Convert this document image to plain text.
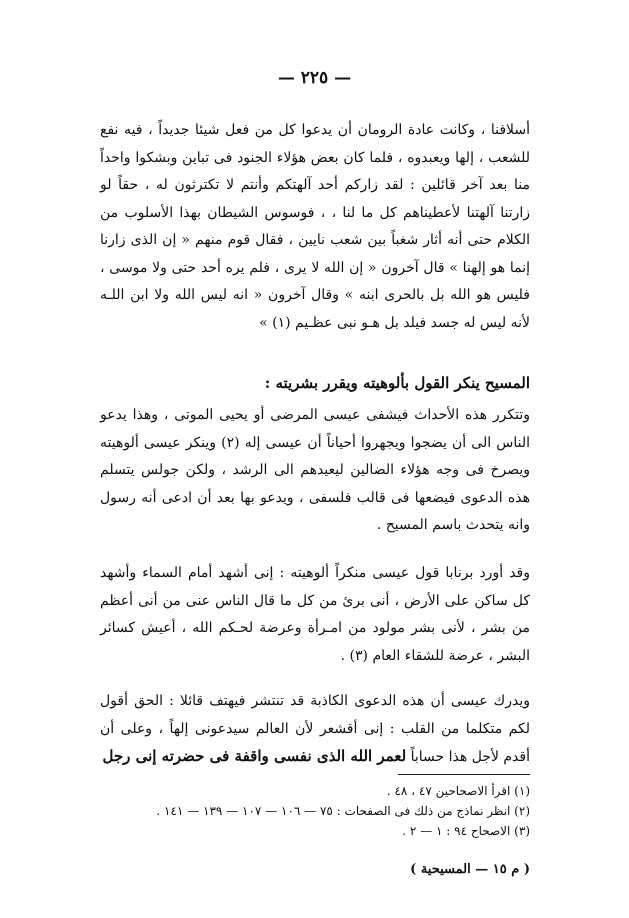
— ٢٢٥ —
أسلافنا ، وكانت عادة الرومان أن يدعوا كل من فعل شيئا جديداً ، فيه نفع للشعب ، إلها ويعبدوه ، فلما كان بعض هؤلاء الجنود فى تباين وبشكوا واحداً منا بعد آخر قائلين : لقد زاركم أحد آلهتكم وأنتم لا تكترثون له ، حقاً لو زارتنا آلهتنا لأعطيناهم كل ما لنا ، ، فوسوس الشيطان بهذا الأسلوب من الكلام حتى أنه أثار شغباً بين شعب نايين ، فقال قوم منهم « إن الذى زارنا إنما هو إلهنا » قال آخرون « إن الله لا يرى ، فلم يره أحد حتى ولا موسى ، فليس هو الله بل بالحرى ابنه » وقال آخرون « انه ليس الله ولا ابن اللـه لأنه ليس له جسد فيلد بل هـو نبى عظـيم (١) »
المسيح ينكر القول بألوهيته ويقرر بشريته :
وتتكرر هذه الأحداث فيشفى عيسى المرضى أو يحيى الموتى ، وهذا يدعو الناس الى أن يضجوا ويجهروا أحياناً أن عيسى إله (٢) وينكر عيسى ألوهيته ويصرخ فى وجه هؤلاء الضالين ليعيدهم الى الرشد ، ولكن جولس يتسلم هذه الدعوى فيضعها فى قالب فلسفى ، ويدعو بها بعد أن ادعى أنه رسول وانه يتحدث باسم المسيح .
وقد أورد برنابا قول عيسى منكراً ألوهيته : إنى أشهد أمام السماء وأشهد كل ساكن على الأرض ، أنى برئ من كل ما قال الناس عنى من أنى أعظم من بشر ، لأنى بشر مولود من امـرأة وعرضة لحـكم الله ، أعيش كسائر البشر ، عرضة للشقاء العام (٣) .
ويدرك عيسى أن هذه الدعوى الكاذبة قد تنتشر فيهتف قائلا : الحق أقول لكم متكلما من القلب : إنى أقشعر لأن العالم سيدعونى إلهاً ، وعلى أن أقدم لأجل هذا حساباً لعمر الله الذى نفسى واقفة فى حضرته إنى رجل

(١) اقرأ الاصحاحين ٤٧ ، ٤٨ .

(٢) انظر نماذج من ذلك فى الصفحات : ٧٥ — ١٠٦ — ١٠٧ — ١٣٩ — ١٤١ .

(٣) الاصحاح ٩٤ : ١ — ٢ .

( م ١٥ — المسيحية )
